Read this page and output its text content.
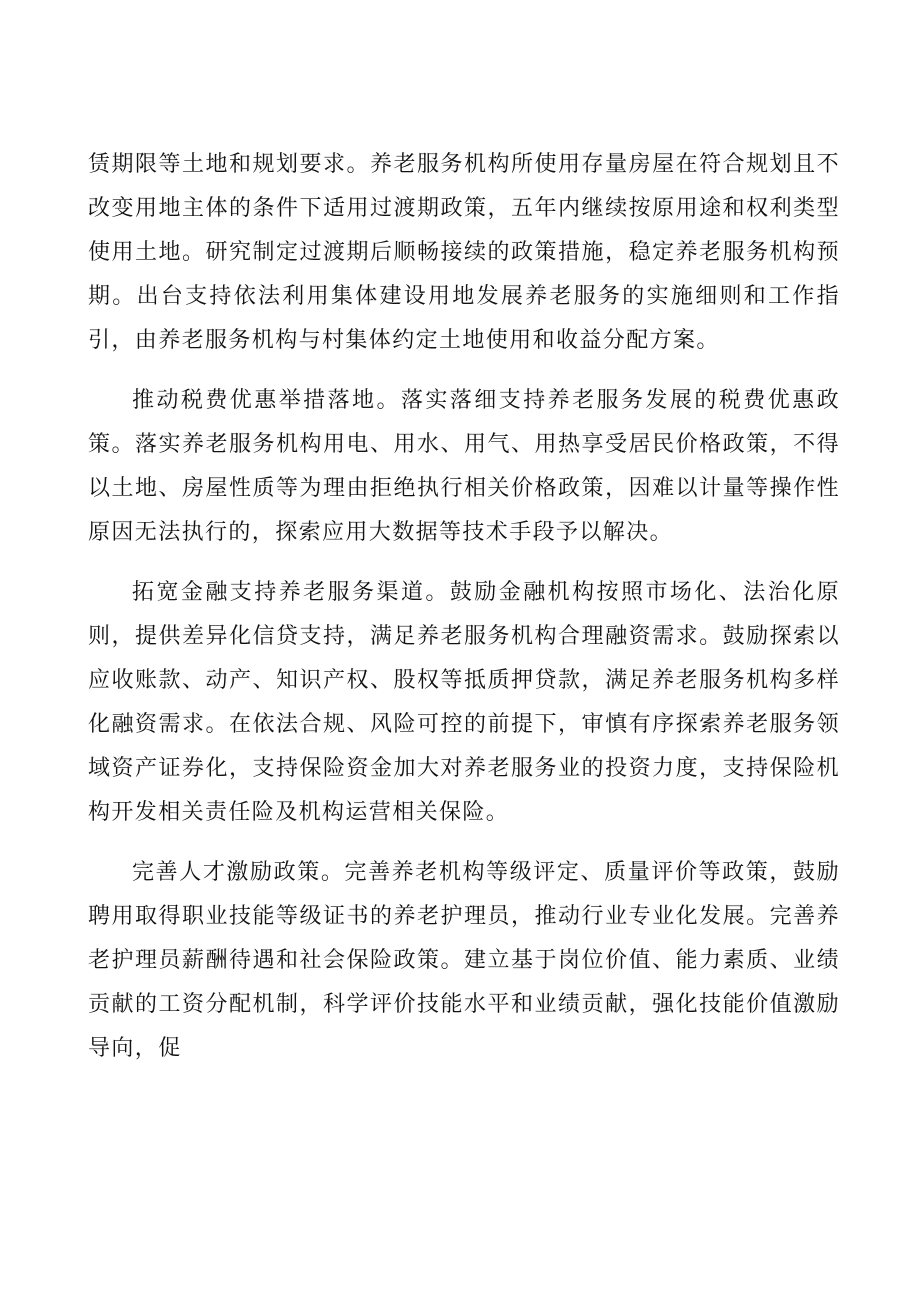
赁期限等土地和规划要求。养老服务机构所使用存量房屋在符合规划且不改变用地主体的条件下适用过渡期政策，五年内继续按原用途和权利类型使用土地。研究制定过渡期后顺畅接续的政策措施，稳定养老服务机构预期。出台支持依法利用集体建设用地发展养老服务的实施细则和工作指引，由养老服务机构与村集体约定土地使用和收益分配方案。

推动税费优惠举措落地。落实落细支持养老服务发展的税费优惠政策。落实养老服务机构用电、用水、用气、用热享受居民价格政策，不得以土地、房屋性质等为理由拒绝执行相关价格政策，因难以计量等操作性原因无法执行的，探索应用大数据等技术手段予以解决。

拓宽金融支持养老服务渠道。鼓励金融机构按照市场化、法治化原则，提供差异化信贷支持，满足养老服务机构合理融资需求。鼓励探索以应收账款、动产、知识产权、股权等抵质押贷款，满足养老服务机构多样化融资需求。在依法合规、风险可控的前提下，审慎有序探索养老服务领域资产证券化，支持保险资金加大对养老服务业的投资力度，支持保险机构开发相关责任险及机构运营相关保险。

完善人才激励政策。完善养老机构等级评定、质量评价等政策，鼓励聘用取得职业技能等级证书的养老护理员，推动行业专业化发展。完善养老护理员薪酬待遇和社会保险政策。建立基于岗位价值、能力素质、业绩贡献的工资分配机制，科学评价技能水平和业绩贡献，强化技能价值激励导向，促
